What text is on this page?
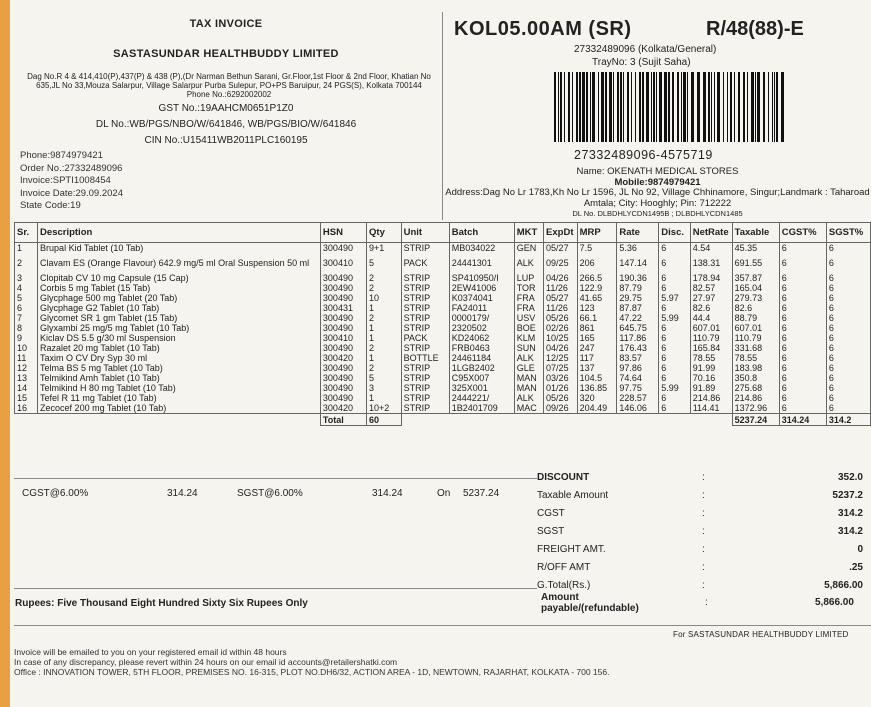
TAX INVOICE
SASTASUNDAR HEALTHBUDDY LIMITED
Dag No.R 4 & 414,410(P),437(P) & 438 (P),(Dr Narman Bethun Sarani, Gr.Floor,1st Floor & 2nd Floor, Khatian No 635,JL No 33,Mouza Salarpur, Village Salarpur Purba Sulepur, PO+PS Baruipur, 24 PGS(S), Kolkata 700144 Phone No.:6292002002
GST No.:19AAHCM0651P1Z0
DL No.:WB/PGS/NBO/W/641846, WB/PGS/BIO/W/641846
CIN No.:U15411WB2011PLC160195
Phone:9874979421
Order No.:27332489096
Invoice:SPTI1008454
Invoice Date:29.09.2024
State Code:19
KOL05.00AM (SR)	R/48(88)-E
27332489096 (Kolkata/General)
TrayNo: 3 (Sujit Saha)
27332489096-4575719
Name: OKENATH MEDICAL STORES
Mobile:9874979421
Address:Dag No Lr 1783,Kh No Lr 1596, JL No 92, Village Chhinamore, Singur;Landmark : Taharoad Amtala; City: Hooghly; Pin: 712222
DL No. DLBDHLYCDN1495B ; DLBDHLYCDN1485
Sr.	Description	HSN	Qty	Unit	Batch	MKT	ExpDt	MRP	Rate	Disc.	NetRate	Taxable	CGST%	SGST%
1	Brupal Kid Tablet (10 Tab)	300490	9+1	STRIP	MB034022	GEN	05/27	7.5	5.36	6	4.54	45.35	6	6
2	Clavam ES (Orange Flavour) 642.9 mg/5 ml Oral Suspension 50 ml	300410	5	PACK	24441301	ALK	09/25	206	147.14	6	138.31	691.55	6	6
3	Clopitab CV 10 mg Capsule (15 Cap)	300490	2	STRIP	SP410950/I	LUP	04/26	266.5	190.36	6	178.94	357.87	6	6
4	Corbis 5 mg Tablet (15 Tab)	300490	2	STRIP	2EW41006	TOR	11/26	122.9	87.79	6	82.57	165.04	6	6
5	Glycphage 500 mg Tablet (20 Tab)	300490	10	STRIP	K0374041	FRA	05/27	41.65	29.75	5.97	27.97	279.73	6	6
6	Glycphage G2 Tablet (10 Tab)	300431	1	STRIP	FA24011	FRA	11/26	123	87.87	6	82.6	82.6	6	6
7	Glycomet SR 1 gm Tablet (15 Tab)	300490	2	STRIP	0000179/	USV	05/26	66.1	47.22	5.99	44.4	88.79	6	6
8	Glyxambi 25 mg/5 mg Tablet (10 Tab)	300490	1	STRIP	2320502	BOE	02/26	861	645.75	6	607.01	607.01	6	6
9	Kiclav DS 5.5 g/30 ml Suspension	300410	1	PACK	KD24062	KLM	10/25	165	117.86	6	110.79	110.79	6	6
10	Razalet 20 mg Tablet (10 Tab)	300490	2	STRIP	FRB0463	SUN	04/26	247	176.43	6	165.84	331.68	6	6
11	Taxim O CV Dry Syp 30 ml	300420	1	BOTTLE	24461184	ALK	12/25	117	83.57	6	78.55	78.55	6	6
12	Telma BS 5 mg Tablet (10 Tab)	300490	2	STRIP	1LGB2402	GLE	07/25	137	97.86	6	91.99	183.98	6	6
13	Telmikind Amh Tablet (10 Tab)	300490	5	STRIP	C95X007	MAN	03/26	104.5	74.64	6	70.16	350.8	6	6
14	Telmikind H 80 mg Tablet (10 Tab)	300490	3	STRIP	325X001	MAN	01/26	136.85	97.75	5.99	91.89	275.68	6	6
15	Tefel R 11 mg Tablet (10 Tab)	300490	1	STRIP	2444221/	ALK	05/26	320	228.57	6	214.86	214.86	6	6
16	Zecocef 200 mg Tablet (10 Tab)	300420	10+2	STRIP	1B2401709	MAC	09/26	204.49	146.06	6	114.41	1372.96	6	6
		Total	60									5237.24	314.24	314.2
CGST@6.00%	314.24	SGST@6.00%	314.24	On 5237.24
DISCOUNT	:	352.0
Taxable Amount	:	5237.2
CGST	:	314.2
SGST	:	314.2
FREIGHT AMT.	:	0
R/OFF AMT	:	.25
G.Total(Rs.)	:	5,866.00
Rupees: Five Thousand Eight Hundred Sixty Six Rupees Only
Amount payable/(refundable)
:	5,866.00
For SASTASUNDAR HEALTHBUDDY LIMITED
Invoice will be emailed to you on your registered email id within 48 hours
In case of any discrepancy, please revert within 24 hours on our email id accounts@retailershatki.com
Office : INNOVATION TOWER, 5TH FLOOR, PREMISES NO. 16-315, PLOT NO.DH6/32, ACTION AREA - 1D, NEWTOWN, RAJARHAT, KOLKATA - 700 156.
